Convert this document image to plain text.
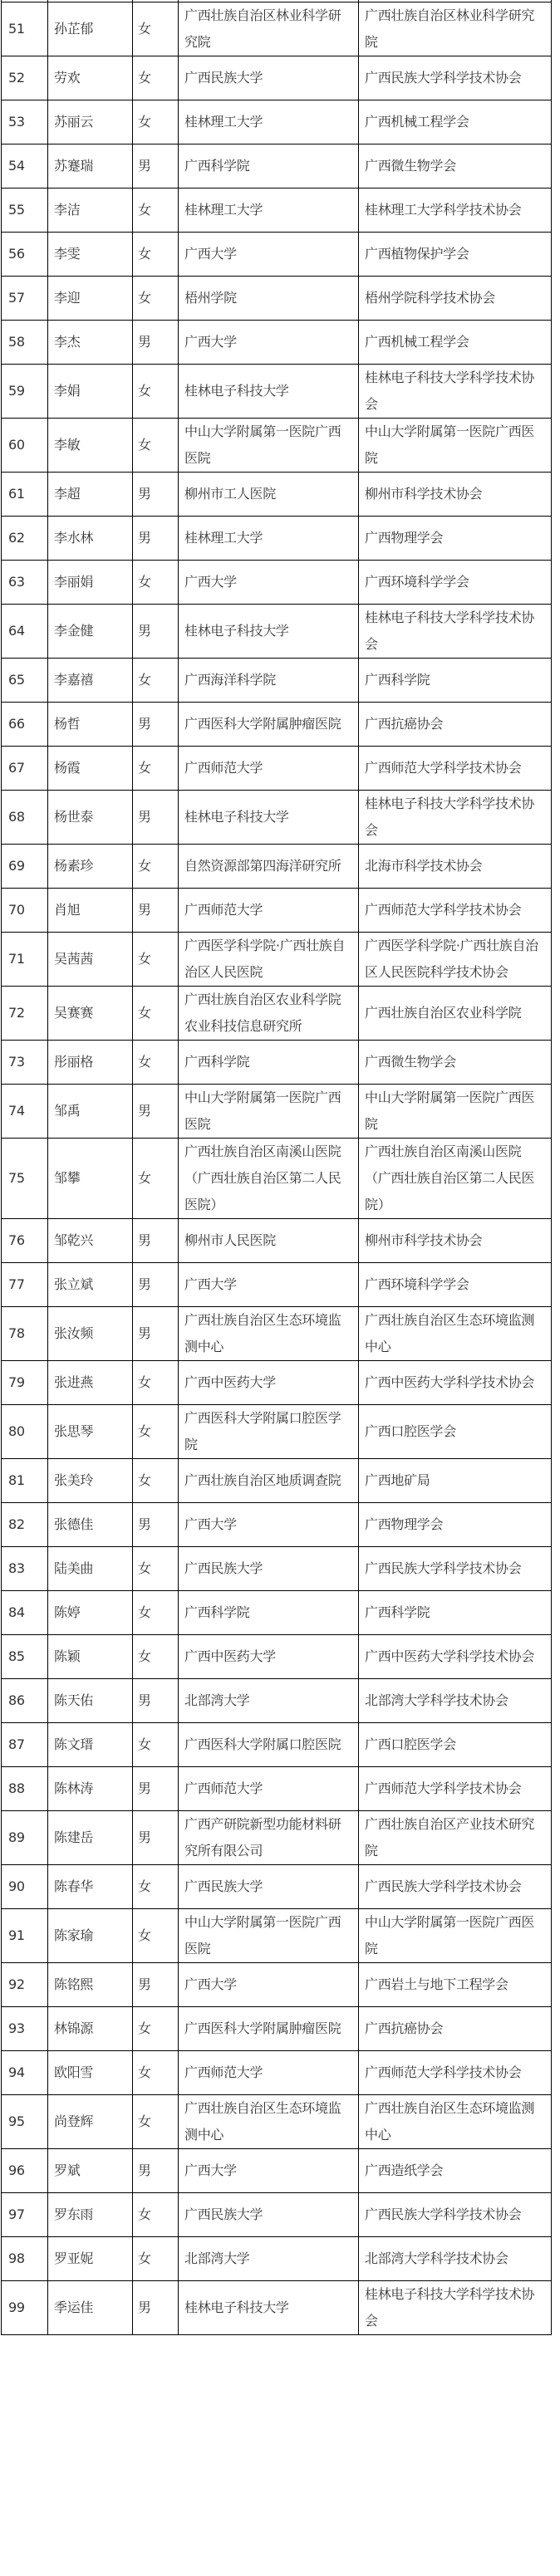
51	孙芷郁	女	广西壮族自治区林业科学研究院	广西壮族自治区林业科学研究院
52	劳欢	女	广西民族大学	广西民族大学科学技术协会
53	苏丽云	女	桂林理工大学	广西机械工程学会
54	苏蹇瑞	男	广西科学院	广西微生物学会
55	李洁	女	桂林理工大学	桂林理工大学科学技术协会
56	李雯	女	广西大学	广西植物保护学会
57	李迎	女	梧州学院	梧州学院科学技术协会
58	李杰	男	广西大学	广西机械工程学会
59	李娟	女	桂林电子科技大学	桂林电子科技大学科学技术协会
60	李敏	女	中山大学附属第一医院广西医院	中山大学附属第一医院广西医院
61	李超	男	柳州市工人医院	柳州市科学技术协会
62	李水林	男	桂林理工大学	广西物理学会
63	李丽娟	女	广西大学	广西环境科学学会
64	李金健	男	桂林电子科技大学	桂林电子科技大学科学技术协会
65	李嘉禧	女	广西海洋科学院	广西科学院
66	杨哲	男	广西医科大学附属肿瘤医院	广西抗癌协会
67	杨霞	女	广西师范大学	广西师范大学科学技术协会
68	杨世泰	男	桂林电子科技大学	桂林电子科技大学科学技术协会
69	杨素珍	女	自然资源部第四海洋研究所	北海市科学技术协会
70	肖旭	男	广西师范大学	广西师范大学科学技术协会
71	吴茜茜	女	广西医学科学院·广西壮族自治区人民医院	广西医学科学院·广西壮族自治区人民医院科学技术协会
72	吴赛赛	女	广西壮族自治区农业科学院农业科技信息研究所	广西壮族自治区农业科学院
73	彤丽格	女	广西科学院	广西微生物学会
74	邹禹	男	中山大学附属第一医院广西医院	中山大学附属第一医院广西医院
75	邹攀	女	广西壮族自治区南溪山医院（广西壮族自治区第二人民医院）	广西壮族自治区南溪山医院（广西壮族自治区第二人民医院）
76	邹乾兴	男	柳州市人民医院	柳州市科学技术协会
77	张立斌	男	广西大学	广西环境科学学会
78	张汝频	男	广西壮族自治区生态环境监测中心	广西壮族自治区生态环境监测中心
79	张进燕	女	广西中医药大学	广西中医药大学科学技术协会
80	张思琴	女	广西医科大学附属口腔医学院	广西口腔医学会
81	张美玲	女	广西壮族自治区地质调查院	广西地矿局
82	张德佳	男	广西大学	广西物理学会
83	陆美曲	女	广西民族大学	广西民族大学科学技术协会
84	陈婷	女	广西科学院	广西科学院
85	陈颖	女	广西中医药大学	广西中医药大学科学技术协会
86	陈天佑	男	北部湾大学	北部湾大学科学技术协会
87	陈文瑨	女	广西医科大学附属口腔医院	广西口腔医学会
88	陈林涛	男	广西师范大学	广西师范大学科学技术协会
89	陈建岳	男	广西产研院新型功能材料研究所有限公司	广西壮族自治区产业技术研究院
90	陈春华	女	广西民族大学	广西民族大学科学技术协会
91	陈家瑜	女	中山大学附属第一医院广西医院	中山大学附属第一医院广西医院
92	陈铭熙	男	广西大学	广西岩土与地下工程学会
93	林锦源	女	广西医科大学附属肿瘤医院	广西抗癌协会
94	欧阳雪	女	广西师范大学	广西师范大学科学技术协会
95	尚登辉	女	广西壮族自治区生态环境监测中心	广西壮族自治区生态环境监测中心
96	罗斌	男	广西大学	广西造纸学会
97	罗东雨	女	广西民族大学	广西民族大学科学技术协会
98	罗亚妮	女	北部湾大学	北部湾大学科学技术协会
99	季运佳	男	桂林电子科技大学	桂林电子科技大学科学技术协会
